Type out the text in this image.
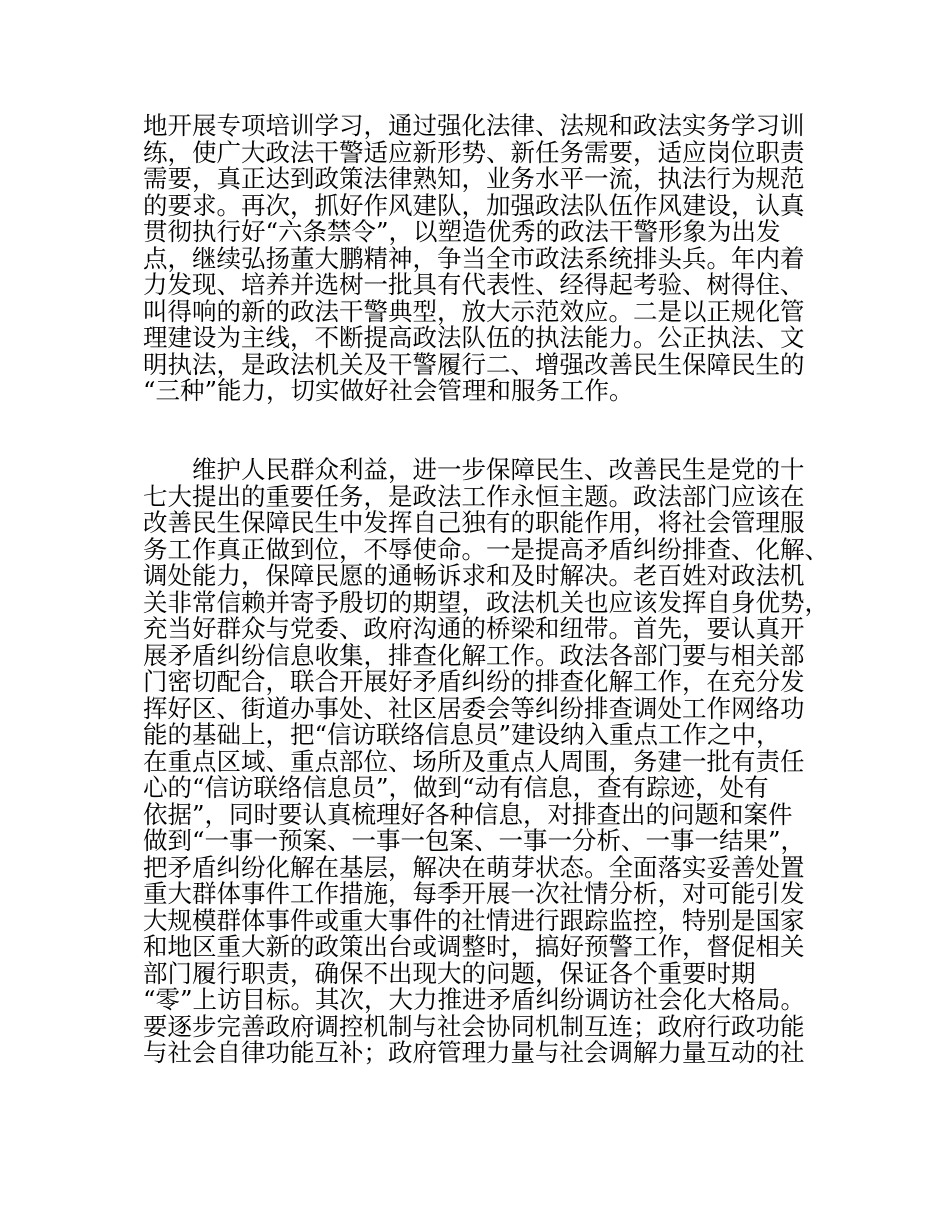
地开展专项培训学习，通过强化法律、法规和政法实务学习训
练，使广大政法干警适应新形势、新任务需要，适应岗位职责
需要，真正达到政策法律熟知，业务水平一流，执法行为规范
的要求。再次，抓好作风建队，加强政法队伍作风建设，认真
贯彻执行好“六条禁令”，以塑造优秀的政法干警形象为出发
点，继续弘扬董大鹏精神，争当全市政法系统排头兵。年内着
力发现、培养并选树一批具有代表性、经得起考验、树得住、
叫得响的新的政法干警典型，放大示范效应。二是以正规化管
理建设为主线，不断提高政法队伍的执法能力。公正执法、文
明执法，是政法机关及干警履行二、增强改善民生保障民生的
“三种”能力，切实做好社会管理和服务工作。
　　维护人民群众利益，进一步保障民生、改善民生是党的十
七大提出的重要任务，是政法工作永恒主题。政法部门应该在
改善民生保障民生中发挥自己独有的职能作用，将社会管理服
务工作真正做到位，不辱使命。一是提高矛盾纠纷排查、化解、
调处能力，保障民愿的通畅诉求和及时解决。老百姓对政法机
关非常信赖并寄予殷切的期望，政法机关也应该发挥自身优势，
充当好群众与党委、政府沟通的桥梁和纽带。首先，要认真开
展矛盾纠纷信息收集，排查化解工作。政法各部门要与相关部
门密切配合，联合开展好矛盾纠纷的排查化解工作，在充分发
挥好区、街道办事处、社区居委会等纠纷排查调处工作网络功
能的基础上，把“信访联络信息员”建设纳入重点工作之中，
在重点区域、重点部位、场所及重点人周围，务建一批有责任
心的“信访联络信息员”，做到“动有信息，查有踪迹，处有
依据”，同时要认真梳理好各种信息，对排查出的问题和案件
做到“一事一预案、一事一包案、一事一分析、一事一结果”，
把矛盾纠纷化解在基层，解决在萌芽状态。全面落实妥善处置
重大群体事件工作措施，每季开展一次社情分析，对可能引发
大规模群体事件或重大事件的社情进行跟踪监控，特别是国家
和地区重大新的政策出台或调整时，搞好预警工作，督促相关
部门履行职责，确保不出现大的问题，保证各个重要时期
“零”上访目标。其次，大力推进矛盾纠纷调访社会化大格局。
要逐步完善政府调控机制与社会协同机制互连；政府行政功能
与社会自律功能互补；政府管理力量与社会调解力量互动的社
